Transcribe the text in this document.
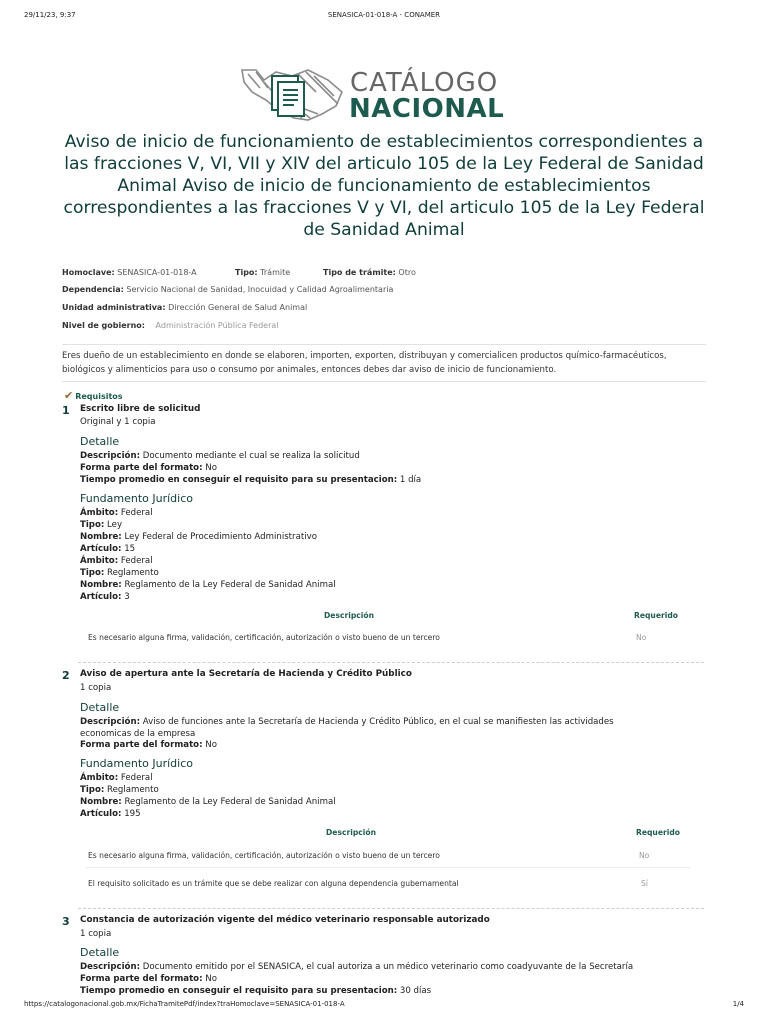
29/11/23, 9:37	SENASICA-01-018-A - CONAMER
CATÁLOGO
NACIONAL
Aviso de inicio de funcionamiento de establecimientos correspondientes a las fracciones V, VI, VII y XIV del articulo 105 de la Ley Federal de Sanidad Animal Aviso de inicio de funcionamiento de establecimientos correspondientes a las fracciones V y VI, del articulo 105 de la Ley Federal de Sanidad Animal
Homoclave: SENASICA-01-018-A	Tipo: Trámite	Tipo de trámite: Otro
Dependencia: Servicio Nacional de Sanidad, Inocuidad y Calidad Agroalimentaria
Unidad administrativa: Dirección General de Salud Animal
Nivel de gobierno: Administración Pública Federal

Eres dueño de un establecimiento en donde se elaboren, importen, exporten, distribuyan y comercialicen productos químico-farmacéuticos, biológicos y alimenticios para uso o consumo por animales, entonces debes dar aviso de inicio de funcionamiento.

✔ Requisitos
1 Escrito libre de solicitud
Original y 1 copia
Detalle
Descripción: Documento mediante el cual se realiza la solicitud
Forma parte del formato: No
Tiempo promedio en conseguir el requisito para su presentacion: 1 día
Fundamento Jurídico
Ámbito: Federal
Tipo: Ley
Nombre: Ley Federal de Procedimiento Administrativo
Artículo: 15
Ámbito: Federal
Tipo: Reglamento
Nombre: Reglamento de la Ley Federal de Sanidad Animal
Artículo: 3
Descripción	Requerido
Es necesario alguna firma, validación, certificación, autorización o visto bueno de un tercero	No
2 Aviso de apertura ante la Secretaría de Hacienda y Crédito Público
1 copia
Detalle
Descripción: Aviso de funciones ante la Secretaría de Hacienda y Crédito Público, en el cual se manifiesten las actividades economicas de la empresa
Forma parte del formato: No
Fundamento Jurídico
Ámbito: Federal
Tipo: Reglamento
Nombre: Reglamento de la Ley Federal de Sanidad Animal
Artículo: 195
Descripción	Requerido
Es necesario alguna firma, validación, certificación, autorización o visto bueno de un tercero	No
El requisito solicitado es un trámite que se debe realizar con alguna dependencia gubernamental	Sí
3 Constancia de autorización vigente del médico veterinario responsable autorizado
1 copia
Detalle
Descripción: Documento emitido por el SENASICA, el cual autoriza a un médico veterinario como coadyuvante de la Secretaría
Forma parte del formato: No
Tiempo promedio en conseguir el requisito para su presentacion: 30 días
https://catalogonacional.gob.mx/FichaTramitePdf/index?traHomoclave=SENASICA-01-018-A	1/4
